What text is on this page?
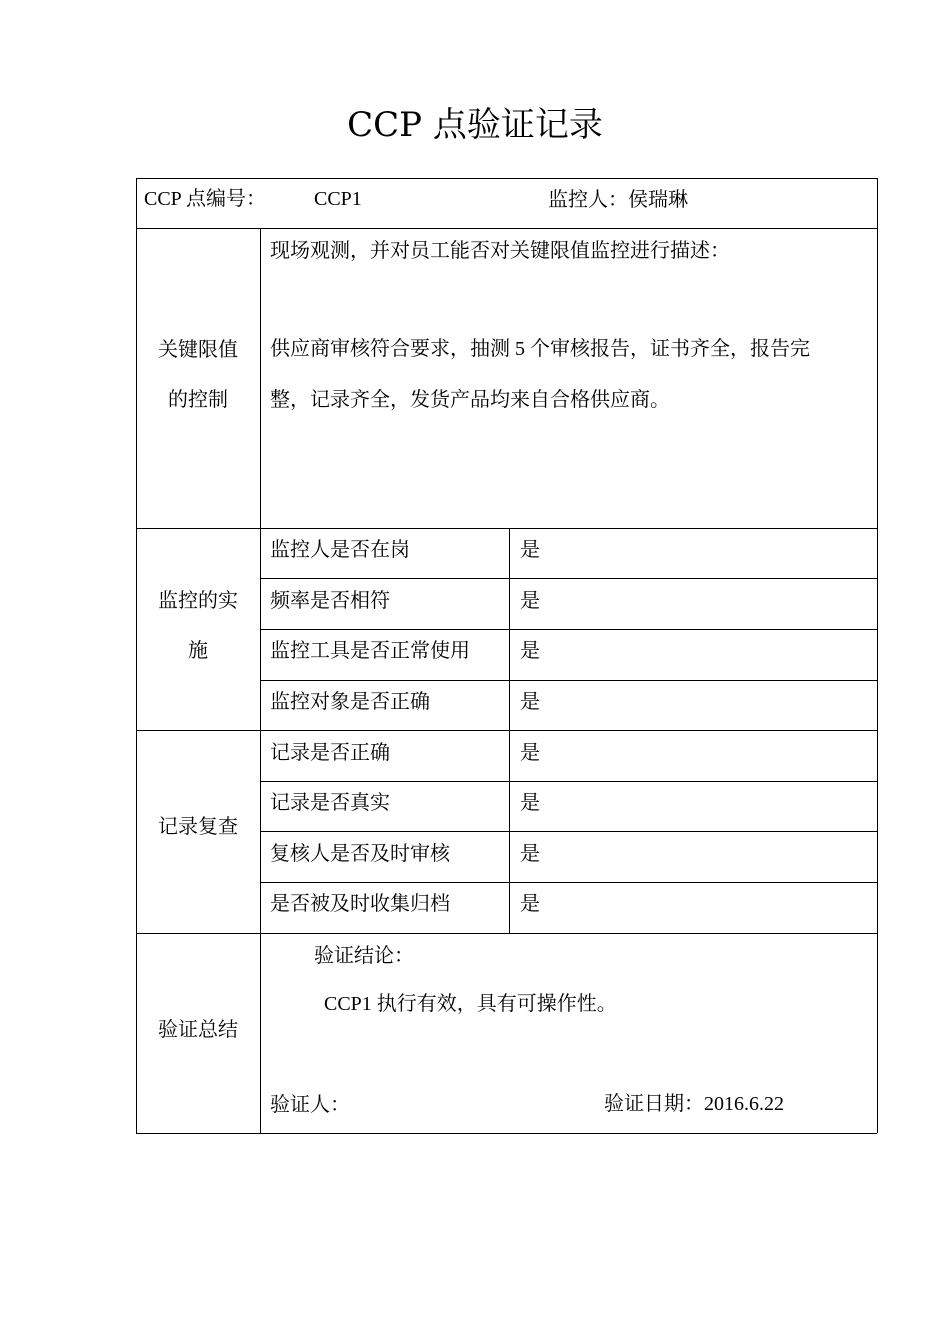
CCP 点验证记录
CCP 点编号： CCP1	监控人：侯瑞琳
关键限值
的控制
现场观测，并对员工能否对关键限值监控进行描述：
供应商审核符合要求，抽测 5 个审核报告，证书齐全，报告完
整，记录齐全，发货产品均来自合格供应商。
监控的实
施
监控人是否在岗	是
频率是否相符	是
监控工具是否正常使用	是
监控对象是否正确	是
记录复查
记录是否正确	是
记录是否真实	是
复核人是否及时审核	是
是否被及时收集归档	是
验证总结
验证结论：
CCP1 执行有效，具有可操作性。
验证人：	验证日期：2016.6.22
